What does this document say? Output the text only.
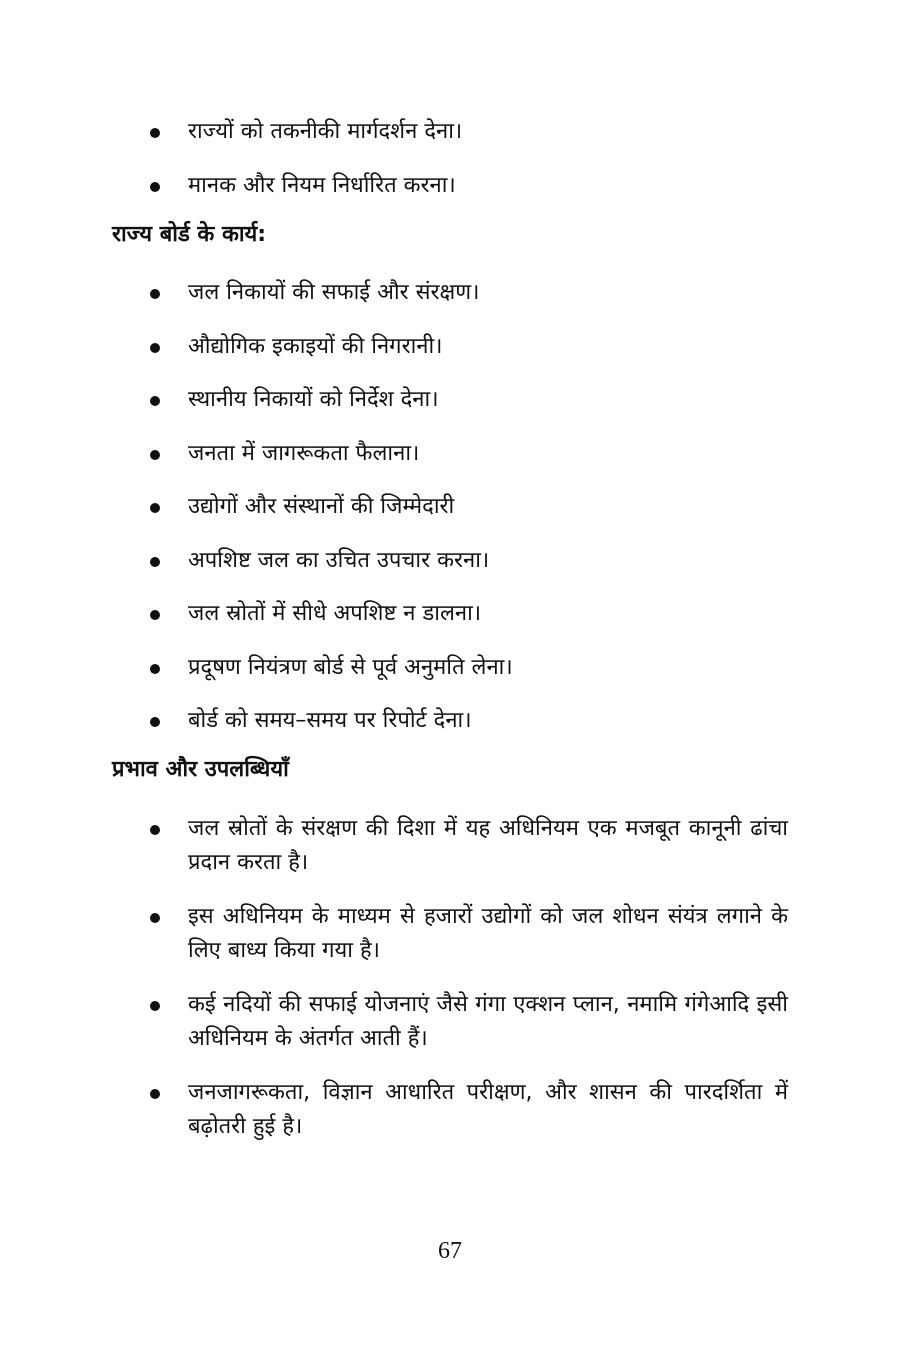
राज्यों को तकनीकी मार्गदर्शन देना।
मानक और नियम निर्धारित करना।
राज्य बोर्ड के कार्य:
जल निकायों की सफाई और संरक्षण।
औद्योगिक इकाइयों की निगरानी।
स्थानीय निकायों को निर्देश देना।
जनता में जागरूकता फैलाना।
उद्योगों और संस्थानों की जिम्मेदारी
अपशिष्ट जल का उचित उपचार करना।
जल स्रोतों में सीधे अपशिष्ट न डालना।
प्रदूषण नियंत्रण बोर्ड से पूर्व अनुमति लेना।
बोर्ड को समय–समय पर रिपोर्ट देना।
प्रभाव और उपलब्धियाँ
जल स्रोतों के संरक्षण की दिशा में यह अधिनियम एक मजबूत कानूनी ढांचा प्रदान करता है।
इस अधिनियम के माध्यम से हजारों उद्योगों को जल शोधन संयंत्र लगाने के लिए बाध्य किया गया है।
कई नदियों की सफाई योजनाएं जैसे गंगा एक्शन प्लान, नमामि गंगेआदि इसी अधिनियम के अंतर्गत आती हैं।
जनजागरूकता, विज्ञान आधारित परीक्षण, और शासन की पारदर्शिता में बढ़ोतरी हुई है।
67
